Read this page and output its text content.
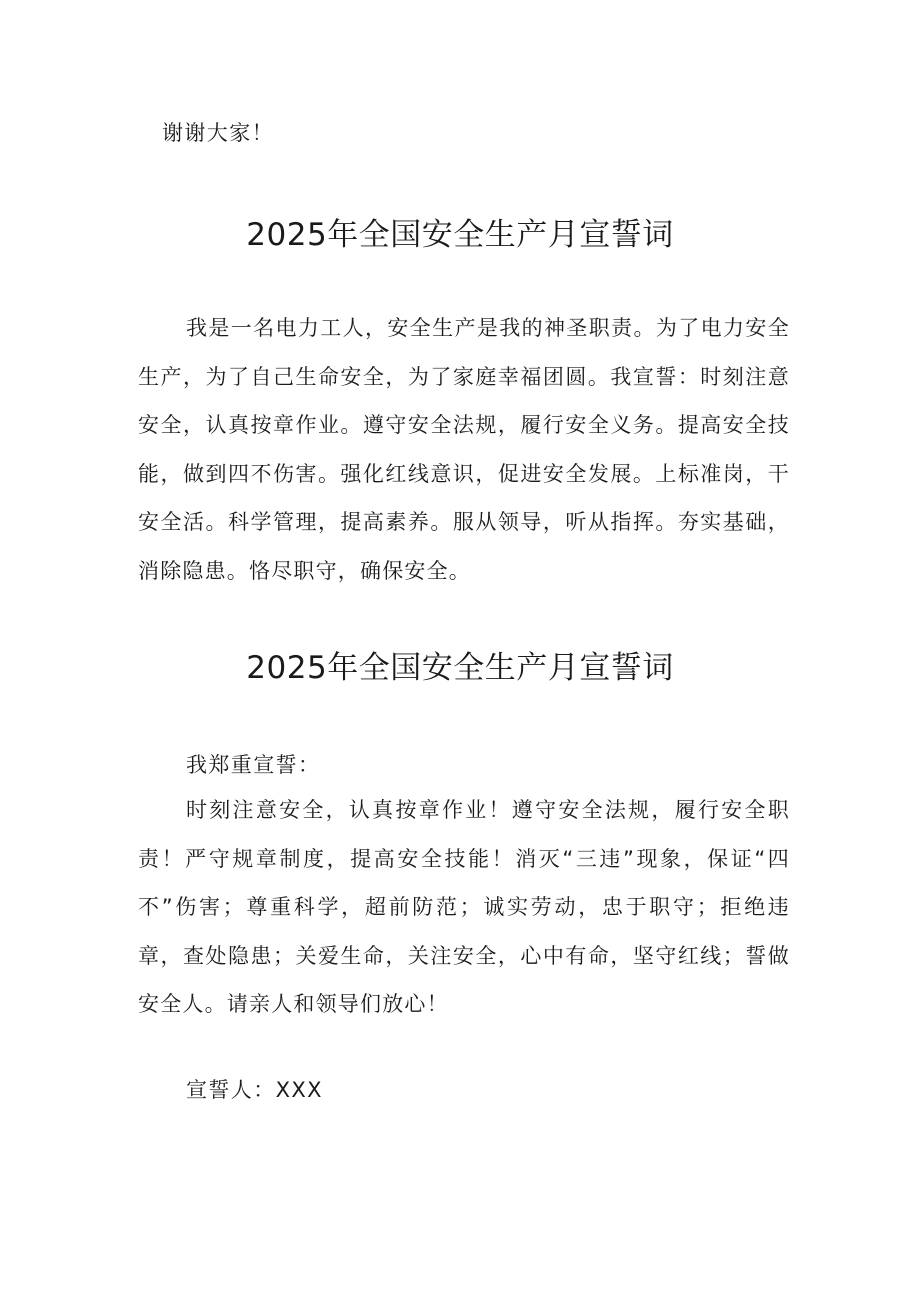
谢谢大家！
2025年全国安全生产月宣誓词
我是一名电力工人，安全生产是我的神圣职责。为了电力安全生产，为了自己生命安全，为了家庭幸福团圆。我宣誓：时刻注意安全，认真按章作业。遵守安全法规，履行安全义务。提高安全技能，做到四不伤害。强化红线意识，促进安全发展。上标准岗，干安全活。科学管理，提高素养。服从领导，听从指挥。夯实基础，消除隐患。恪尽职守，确保安全。
2025年全国安全生产月宣誓词
我郑重宣誓：
时刻注意安全，认真按章作业！遵守安全法规，履行安全职责！严守规章制度，提高安全技能！消灭“三违”现象，保证“四不”伤害；尊重科学，超前防范；诚实劳动，忠于职守；拒绝违章，查处隐患；关爱生命，关注安全，心中有命，坚守红线；誓做安全人。请亲人和领导们放心！
宣誓人：XXX
